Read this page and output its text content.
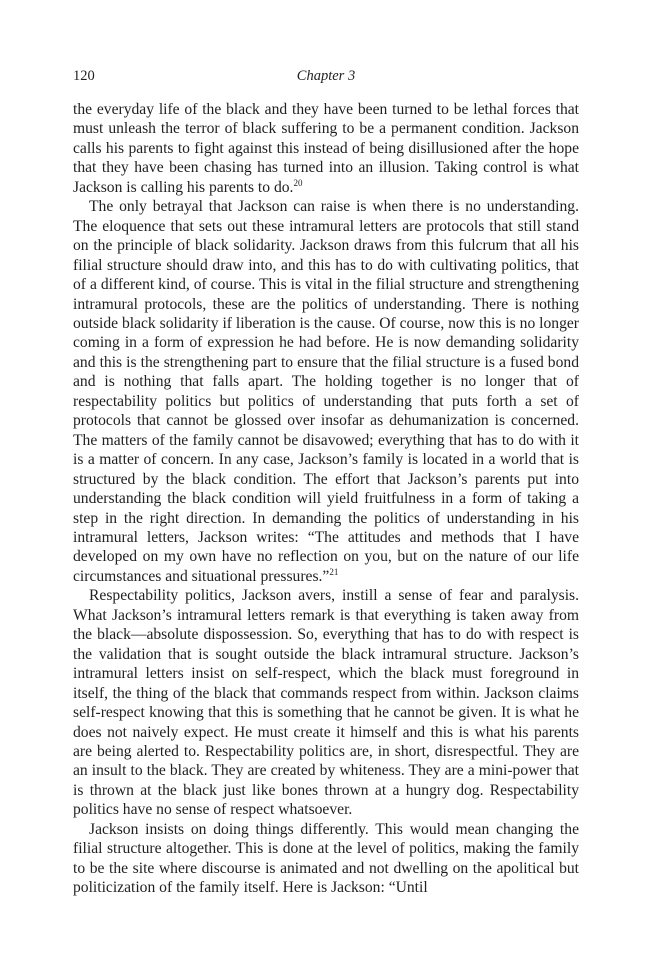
120	Chapter 3

the everyday life of the black and they have been turned to be lethal forces that must unleash the terror of black suffering to be a permanent condition. Jackson calls his parents to fight against this instead of being disillusioned after the hope that they have been chasing has turned into an illusion. Taking control is what Jackson is calling his parents to do.$^{20}$

The only betrayal that Jackson can raise is when there is no understanding. The eloquence that sets out these intramural letters are protocols that still stand on the principle of black solidarity. Jackson draws from this fulcrum that all his filial structure should draw into, and this has to do with cultivating politics, that of a different kind, of course. This is vital in the filial structure and strengthening intramural protocols, these are the politics of understanding. There is nothing outside black solidarity if liberation is the cause. Of course, now this is no longer coming in a form of expression he had before. He is now demanding solidarity and this is the strengthening part to ensure that the filial structure is a fused bond and is nothing that falls apart. The holding together is no longer that of respectability politics but politics of understanding that puts forth a set of protocols that cannot be glossed over insofar as dehumanization is concerned. The matters of the family cannot be disavowed; everything that has to do with it is a matter of concern. In any case, Jackson’s family is located in a world that is structured by the black condition. The effort that Jackson’s parents put into understanding the black condition will yield fruitfulness in a form of taking a step in the right direction. In demanding the politics of understanding in his intramural letters, Jackson writes: “The attitudes and methods that I have developed on my own have no reflection on you, but on the nature of our life circumstances and situational pressures.”$^{21}$

Respectability politics, Jackson avers, instill a sense of fear and paralysis. What Jackson’s intramural letters remark is that everything is taken away from the black—absolute dispossession. So, everything that has to do with respect is the validation that is sought outside the black intramural structure. Jackson’s intramural letters insist on self-respect, which the black must foreground in itself, the thing of the black that commands respect from within. Jackson claims self-respect knowing that this is something that he cannot be given. It is what he does not naively expect. He must create it himself and this is what his parents are being alerted to. Respectability politics are, in short, disrespectful. They are an insult to the black. They are created by whiteness. They are a mini-power that is thrown at the black just like bones thrown at a hungry dog. Respectability politics have no sense of respect whatsoever.

Jackson insists on doing things differently. This would mean changing the filial structure altogether. This is done at the level of politics, making the family to be the site where discourse is animated and not dwelling on the apolitical but politicization of the family itself. Here is Jackson: “Until
